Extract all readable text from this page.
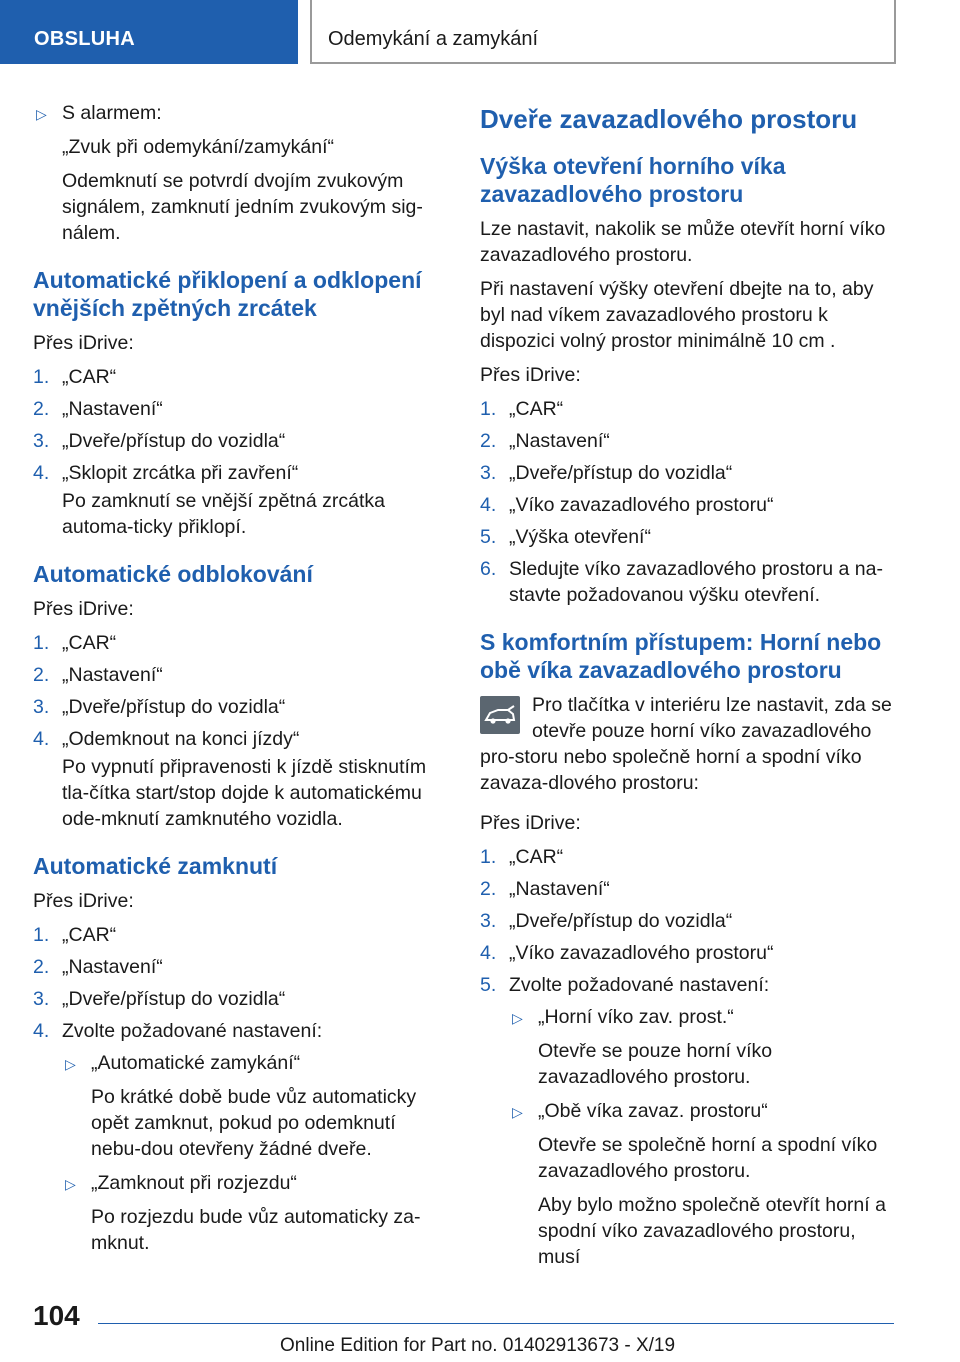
OBSLUHA	Odemykání a zamykání
▷ S alarmem:

„Zvuk při odemykání/zamykání“

Odemknutí se potvrdí dvojím zvukovým signálem, zamknutí jedním zvukovým sig-nálem.

Automatické přiklopení a odklopení vnějších zpětných zrcátek

Přes iDrive:

1. „CAR“
2. „Nastavení“
3. „Dveře/přístup do vozidla“
4. „Sklopit zrcátka při zavření“

Po zamknutí se vnější zpětná zrcátka automa-ticky přiklopí.

Automatické odblokování

Přes iDrive:

1. „CAR“
2. „Nastavení“
3. „Dveře/přístup do vozidla“
4. „Odemknout na konci jízdy“

Po vypnutí připravenosti k jízdě stisknutím tla-čítka start/stop dojde k automatickému ode-mknutí zamknutého vozidla.

Automatické zamknutí

Přes iDrive:

1. „CAR“
2. „Nastavení“
3. „Dveře/přístup do vozidla“
4. Zvolte požadované nastavení:
▷ „Automatické zamykání“

Po krátké době bude vůz automaticky opět zamknut, pokud po odemknutí nebu-dou otevřeny žádné dveře.

▷ „Zamknout při rozjezdu“

Po rozjezdu bude vůz automaticky za-mknut.

Dveře zavazadlového prostoru
Výška otevření horního víka zavazadlového prostoru

Lze nastavit, nakolik se může otevřít horní víko zavazadlového prostoru.

Při nastavení výšky otevření dbejte na to, aby byl nad víkem zavazadlového prostoru k dispozici volný prostor minimálně 10 cm .

Přes iDrive:

1. „CAR“
2. „Nastavení“
3. „Dveře/přístup do vozidla“
4. „Víko zavazadlového prostoru“
5. „Výška otevření“
6. Sledujte víko zavazadlového prostoru a na-stavte požadovanou výšku otevření.
S komfortním přístupem: Horní nebo obě víka zavazadlového prostoru

Pro tlačítka v interiéru lze nastavit, zda se otevře pouze horní víko zavazadlového pro-storu nebo společně horní a spodní víko zavaza-dlového prostoru:

Přes iDrive:

1. „CAR“
2. „Nastavení“
3. „Dveře/přístup do vozidla“
4. „Víko zavazadlového prostoru“
5. Zvolte požadované nastavení:
▷ „Horní víko zav. prost.“

Otevře se pouze horní víko zavazadlového prostoru.

▷ „Obě víka zavaz. prostoru“

Otevře se společně horní a spodní víko zavazadlového prostoru.

Aby bylo možno společně otevřít horní a spodní víko zavazadlového prostoru, musí

104
Online Edition for Part no. 01402913673 - X/19
